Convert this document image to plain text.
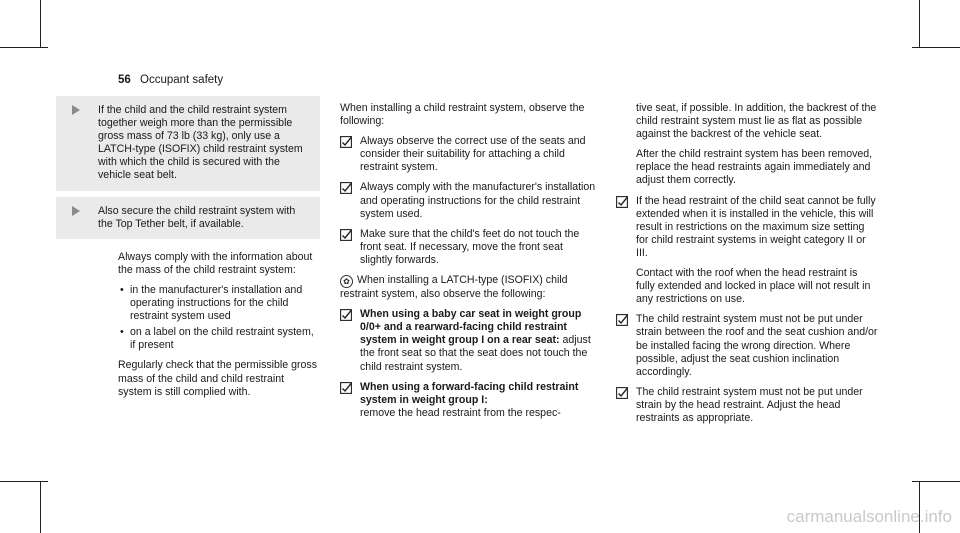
56 Occupant safety
If the child and the child restraint system together weigh more than the permissible gross mass of 73 lb (33 kg), only use a LATCH-type (ISOFIX) child restraint system with which the child is secured with the vehicle seat belt.
Also secure the child restraint system with the Top Tether belt, if available.

Always comply with the information about the mass of the child restraint system:

• in the manufacturer's installation and operating instructions for the child restraint system used
• on a label on the child restraint system, if present

Regularly check that the permissible gross mass of the child and child restraint system is still complied with.

When installing a child restraint system, observe the following:

Always observe the correct use of the seats and consider their suitability for attaching a child restraint system.
Always comply with the manufacturer's installation and operating instructions for the child restraint system used.
Make sure that the child's feet do not touch the front seat. If necessary, move the front seat slightly forwards.

✿ When installing a LATCH-type (ISOFIX) child restraint system, also observe the following:

When using a baby car seat in weight group 0/0+ and a rearward-facing child restraint system in weight group I on a rear seat: adjust the front seat so that the seat does not touch the child restraint system.
When using a forward-facing child restraint system in weight group I:
remove the head restraint from the respec-

tive seat, if possible. In addition, the backrest of the child restraint system must lie as flat as possible against the backrest of the vehicle seat.

After the child restraint system has been removed, replace the head restraints again immediately and adjust them correctly.

If the head restraint of the child seat cannot be fully extended when it is installed in the vehicle, this will result in restrictions on the maximum size setting for child restraint systems in weight category II or III.

Contact with the roof when the head restraint is fully extended and locked in place will not result in any restrictions on use.

The child restraint system must not be put under strain between the roof and the seat cushion and/or be installed facing the wrong direction. Where possible, adjust the seat cushion inclination accordingly.
The child restraint system must not be put under strain by the head restraint. Adjust the head restraints as appropriate.
carmanualsonline.info
